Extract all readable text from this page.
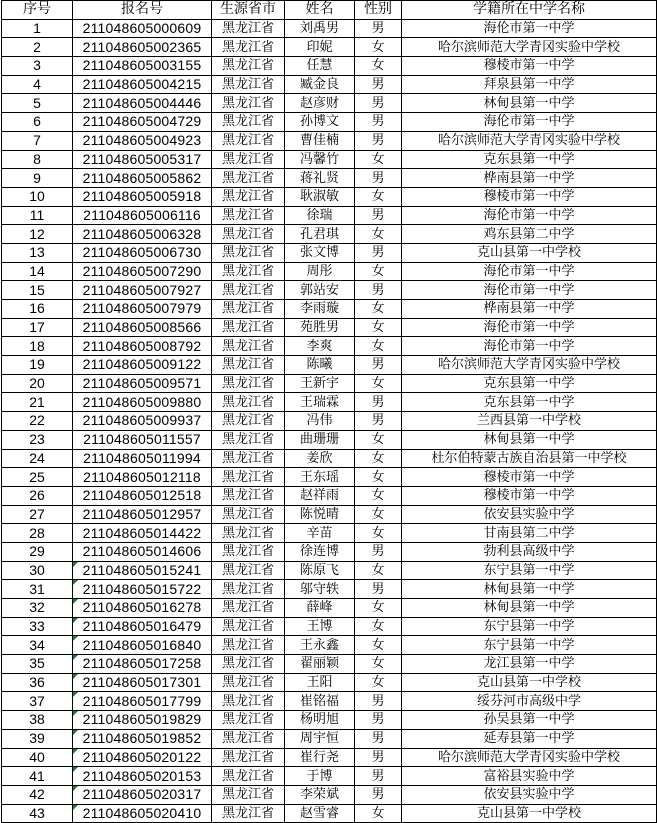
序号	报名号	生源省市	姓名	性别	学籍所在中学名称
1	211048605000609	黑龙江省	刘禹男	男	海伦市第一中学
2	211048605002365	黑龙江省	印妮	女	哈尔滨师范大学青冈实验中学校
3	211048605003155	黑龙江省	任慧	女	穆棱市第一中学
4	211048605004215	黑龙江省	臧金良	男	拜泉县第一中学
5	211048605004446	黑龙江省	赵彦财	男	林甸县第一中学
6	211048605004729	黑龙江省	孙博文	男	海伦市第一中学
7	211048605004923	黑龙江省	曹佳楠	男	哈尔滨师范大学青冈实验中学校
8	211048605005317	黑龙江省	冯馨竹	女	克东县第一中学
9	211048605005862	黑龙江省	蒋礼贤	男	桦南县第一中学
10	211048605005918	黑龙江省	耿淑敏	女	穆棱市第一中学
11	211048605006116	黑龙江省	徐瑞	男	海伦市第一中学
12	211048605006328	黑龙江省	孔君琪	女	鸡东县第二中学
13	211048605006730	黑龙江省	张文博	男	克山县第一中学校
14	211048605007290	黑龙江省	周彤	女	海伦市第一中学
15	211048605007927	黑龙江省	郭站安	男	海伦市第一中学
16	211048605007979	黑龙江省	李雨璇	女	桦南县第一中学
17	211048605008566	黑龙江省	苑胜男	女	海伦市第一中学
18	211048605008792	黑龙江省	李爽	女	海伦市第一中学
19	211048605009122	黑龙江省	陈曦	男	哈尔滨师范大学青冈实验中学校
20	211048605009571	黑龙江省	王新宇	女	克东县第一中学
21	211048605009880	黑龙江省	王瑞霖	男	克东县第一中学
22	211048605009937	黑龙江省	冯伟	男	兰西县第一中学校
23	211048605011557	黑龙江省	曲珊珊	女	林甸县第一中学
24	211048605011994	黑龙江省	姜欣	女	杜尔伯特蒙古族自治县第一中学校
25	211048605012118	黑龙江省	王东瑶	女	穆棱市第一中学
26	211048605012518	黑龙江省	赵祥雨	女	穆棱市第一中学
27	211048605012957	黑龙江省	陈悦晴	女	依安县实验中学
28	211048605014422	黑龙江省	辛苗	女	甘南县第二中学
29	211048605014606	黑龙江省	徐连博	男	勃利县高级中学
30	211048605015241	黑龙江省	陈原飞	女	东宁县第一中学
31	211048605015722	黑龙江省	邬守轶	男	林甸县第一中学
32	211048605016278	黑龙江省	薛峰	女	林甸县第一中学
33	211048605016479	黑龙江省	王博	女	东宁县第一中学
34	211048605016840	黑龙江省	王永鑫	女	东宁县第一中学
35	211048605017258	黑龙江省	翟丽颖	女	龙江县第一中学
36	211048605017301	黑龙江省	王阳	女	克山县第一中学校
37	211048605017799	黑龙江省	崔铭福	男	绥芬河市高级中学
38	211048605019829	黑龙江省	杨明旭	男	孙吴县第一中学
39	211048605019852	黑龙江省	周宇恒	男	延寿县第一中学
40	211048605020122	黑龙江省	崔行尧	男	哈尔滨师范大学青冈实验中学校
41	211048605020153	黑龙江省	于博	男	富裕县实验中学
42	211048605020317	黑龙江省	李荣斌	男	依安县实验中学
43	211048605020410	黑龙江省	赵雪睿	女	克山县第一中学校
